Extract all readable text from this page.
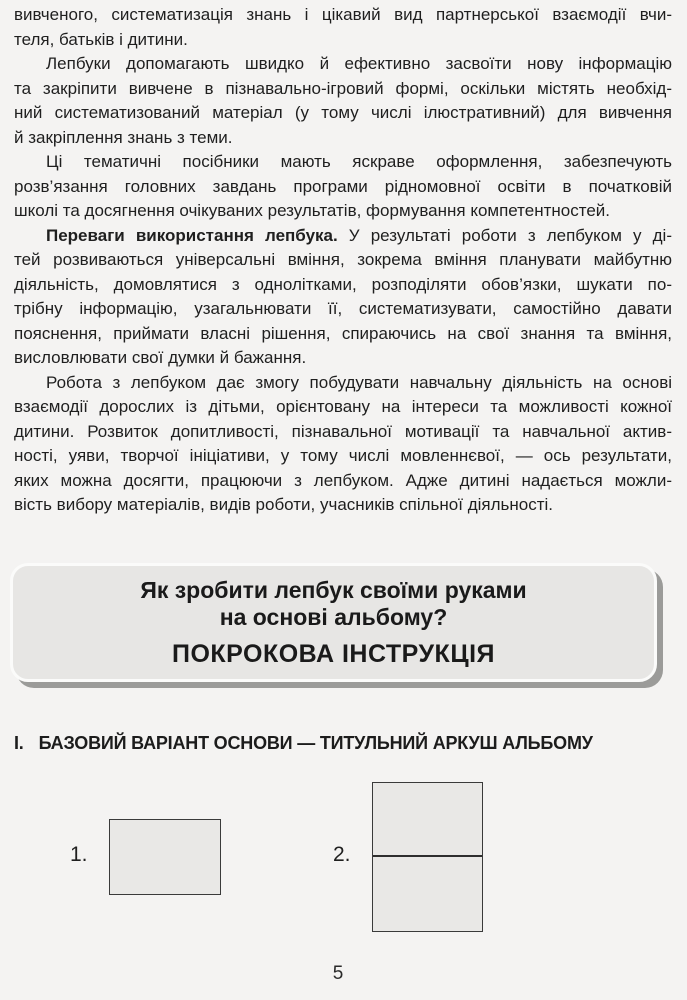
вивченого, систематизація знань і цікавий вид партнерської взаємодії вчи-
теля, батьків і дитини.
Лепбуки допомагають швидко й ефективно засвоїти нову інформацію
та закріпити вивчене в пізнавально-ігровий формі, оскільки містять необхід-
ний систематизований матеріал (у тому числі ілюстративний) для вивчення
й закріплення знань з теми.
Ці тематичні посібники мають яскраве оформлення, забезпечують
розв’язання головних завдань програми рідномовної освіти в початковій
школі та досягнення очікуваних результатів, формування компетентностей.
Переваги використання лепбука. У результаті роботи з лепбуком у ді-
тей розвиваються універсальні вміння, зокрема вміння планувати майбутню
діяльність, домовлятися з однолітками, розподіляти обов’язки, шукати по-
трібну інформацію, узагальнювати її, систематизувати, самостійно давати
пояснення, приймати власні рішення, спираючись на свої знання та вміння,
висловлювати свої думки й бажання.
Робота з лепбуком дає змогу побудувати навчальну діяльність на основі
взаємодії дорослих із дітьми, орієнтовану на інтереси та можливості кожної
дитини. Розвиток допитливості, пізнавальної мотивації та навчальної актив-
ності, уяви, творчої ініціативи, у тому числі мовленнєвої, — ось результати,
яких можна досягти, працюючи з лепбуком. Адже дитині надається можли-
вість вибору матеріалів, видів роботи, учасників спільної діяльності.
Як зробити лепбук своїми руками
на основі альбому?
ПОКРОКОВА ІНСТРУКЦІЯ
І. БАЗОВИЙ ВАРІАНТ ОСНОВИ — ТИТУЛЬНИЙ АРКУШ АЛЬБОМУ
1.	2.
5
